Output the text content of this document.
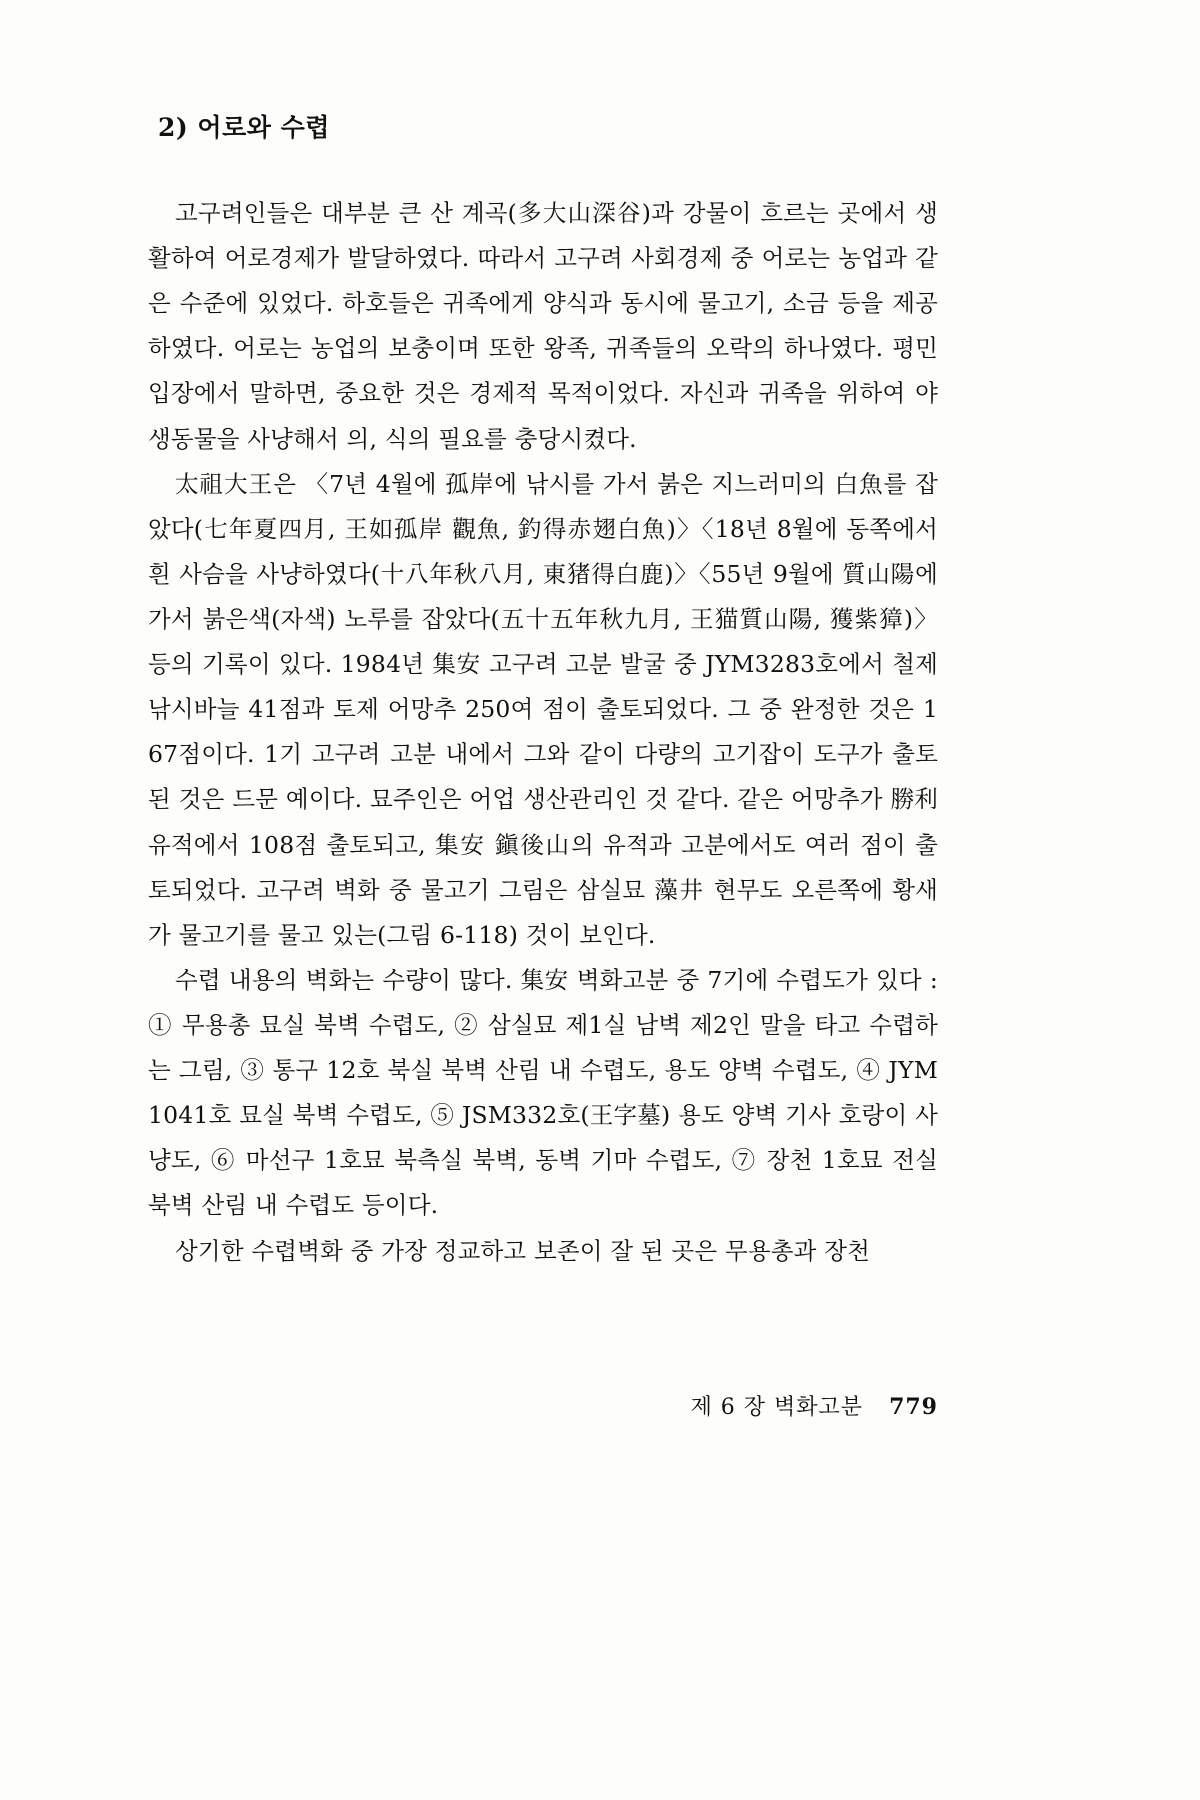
2) 어로와 수렵

고구려인들은 대부분 큰 산 계곡(多大山深谷)과 강물이 흐르는 곳에서 생활하여 어로경제가 발달하였다. 따라서 고구려 사회경제 중 어로는 농업과 같은 수준에 있었다. 하호들은 귀족에게 양식과 동시에 물고기, 소금 등을 제공하였다. 어로는 농업의 보충이며 또한 왕족, 귀족들의 오락의 하나였다. 평민 입장에서 말하면, 중요한 것은 경제적 목적이었다. 자신과 귀족을 위하여 야생동물을 사냥해서 의, 식의 필요를 충당시켰다.

太祖大王은 〈7년 4월에 孤岸에 낚시를 가서 붉은 지느러미의 白魚를 잡았다(七年夏四月, 王如孤岸 觀魚, 釣得赤翅白魚)〉〈18년 8월에 동쪽에서 흰 사슴을 사냥하였다(十八年秋八月, 東猪得白鹿)〉〈55년 9월에 質山陽에 가서 붉은색(자색) 노루를 잡았다(五十五年秋九月, 王猫質山陽, 獲紫獐)〉 등의 기록이 있다. 1984년 集安 고구려 고분 발굴 중 JYM3283호에서 철제 낚시바늘 41점과 토제 어망추 250여 점이 출토되었다. 그 중 완정한 것은 167점이다. 1기 고구려 고분 내에서 그와 같이 다량의 고기잡이 도구가 출토된 것은 드문 예이다. 묘주인은 어업 생산관리인 것 같다. 같은 어망추가 勝利 유적에서 108점 출토되고, 集安 鎭後山의 유적과 고분에서도 여러 점이 출토되었다. 고구려 벽화 중 물고기 그림은 삼실묘 藻井 현무도 오른쪽에 황새가 물고기를 물고 있는(그림 6-118) 것이 보인다.

수렵 내용의 벽화는 수량이 많다. 集安 벽화고분 중 7기에 수렵도가 있다 : ① 무용총 묘실 북벽 수렵도, ② 삼실묘 제1실 남벽 제2인 말을 타고 수렵하는 그림, ③ 통구 12호 북실 북벽 산림 내 수렵도, 용도 양벽 수렵도, ④ JYM1041호 묘실 북벽 수렵도, ⑤ JSM332호(王字墓) 용도 양벽 기사 호랑이 사냥도, ⑥ 마선구 1호묘 북측실 북벽, 동벽 기마 수렵도, ⑦ 장천 1호묘 전실 북벽 산림 내 수렵도 등이다.

상기한 수렵벽화 중 가장 정교하고 보존이 잘 된 곳은 무용총과 장천

제 6 장 벽화고분 779
